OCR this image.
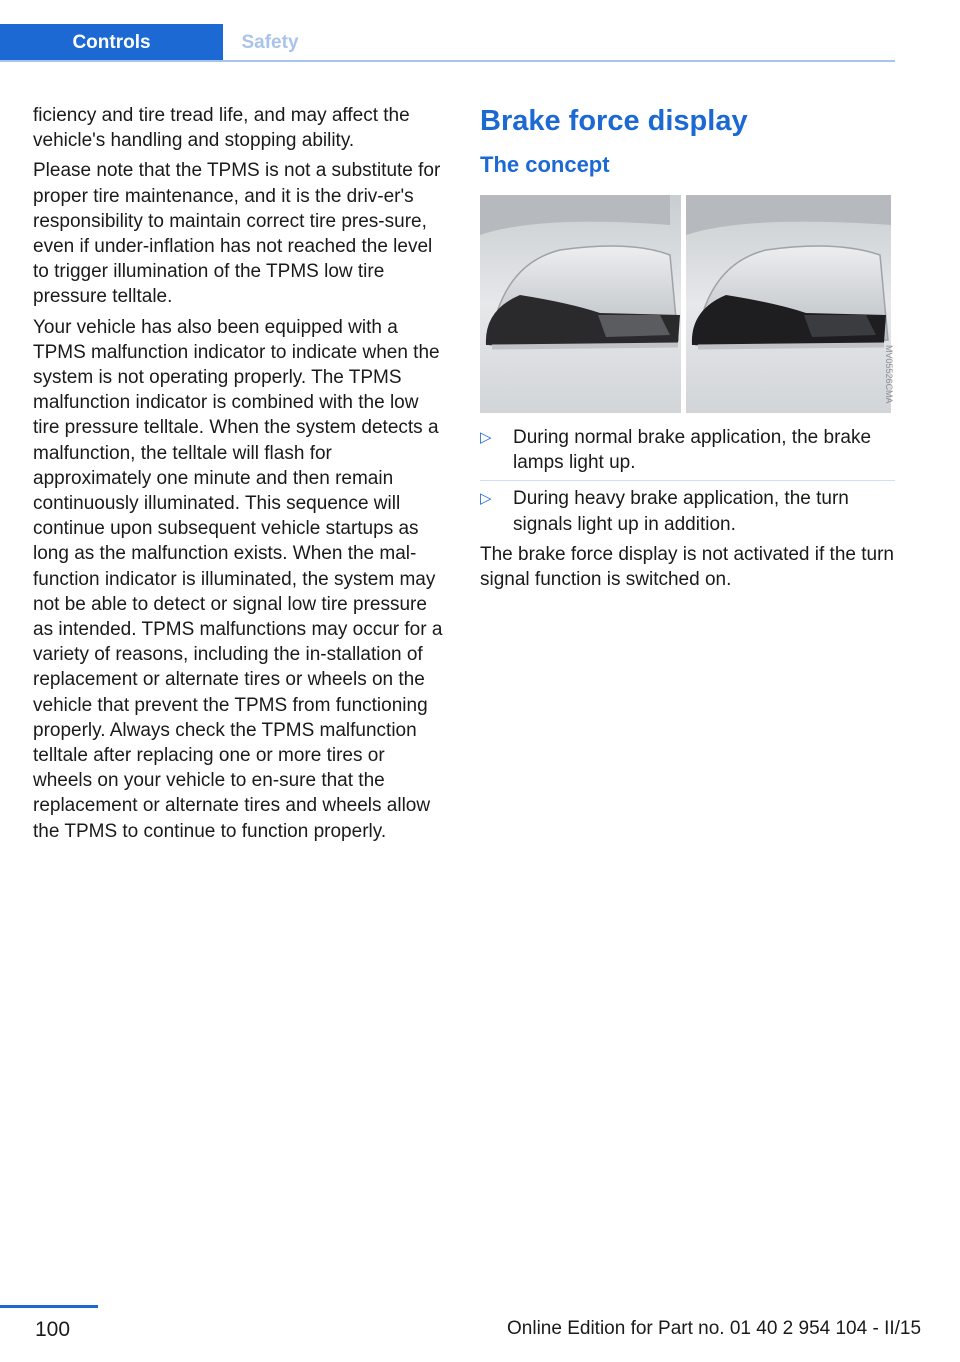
Controls	Safety

ficiency and tire tread life, and may affect the vehicle's handling and stopping ability.

Please note that the TPMS is not a substitute for proper tire maintenance, and it is the driv-er's responsibility to maintain correct tire pres-sure, even if under-inflation has not reached the level to trigger illumination of the TPMS low tire pressure telltale.

Your vehicle has also been equipped with a TPMS malfunction indicator to indicate when the system is not operating properly. The TPMS malfunction indicator is combined with the low tire pressure telltale. When the system detects a malfunction, the telltale will flash for approximately one minute and then remain continuously illuminated. This sequence will continue upon subsequent vehicle startups as long as the malfunction exists. When the mal-function indicator is illuminated, the system may not be able to detect or signal low tire pressure as intended. TPMS malfunctions may occur for a variety of reasons, including the in-stallation of replacement or alternate tires or wheels on the vehicle that prevent the TPMS from functioning properly. Always check the TPMS malfunction telltale after replacing one or more tires or wheels on your vehicle to en-sure that the replacement or alternate tires and wheels allow the TPMS to continue to function properly.

Brake force display
The concept
MV05526CMA
▷ During normal brake application, the brake lamps light up.
▷ During heavy brake application, the turn signals light up in addition.

The brake force display is not activated if the turn signal function is switched on.

100	Online Edition for Part no. 01 40 2 954 104 - II/15
